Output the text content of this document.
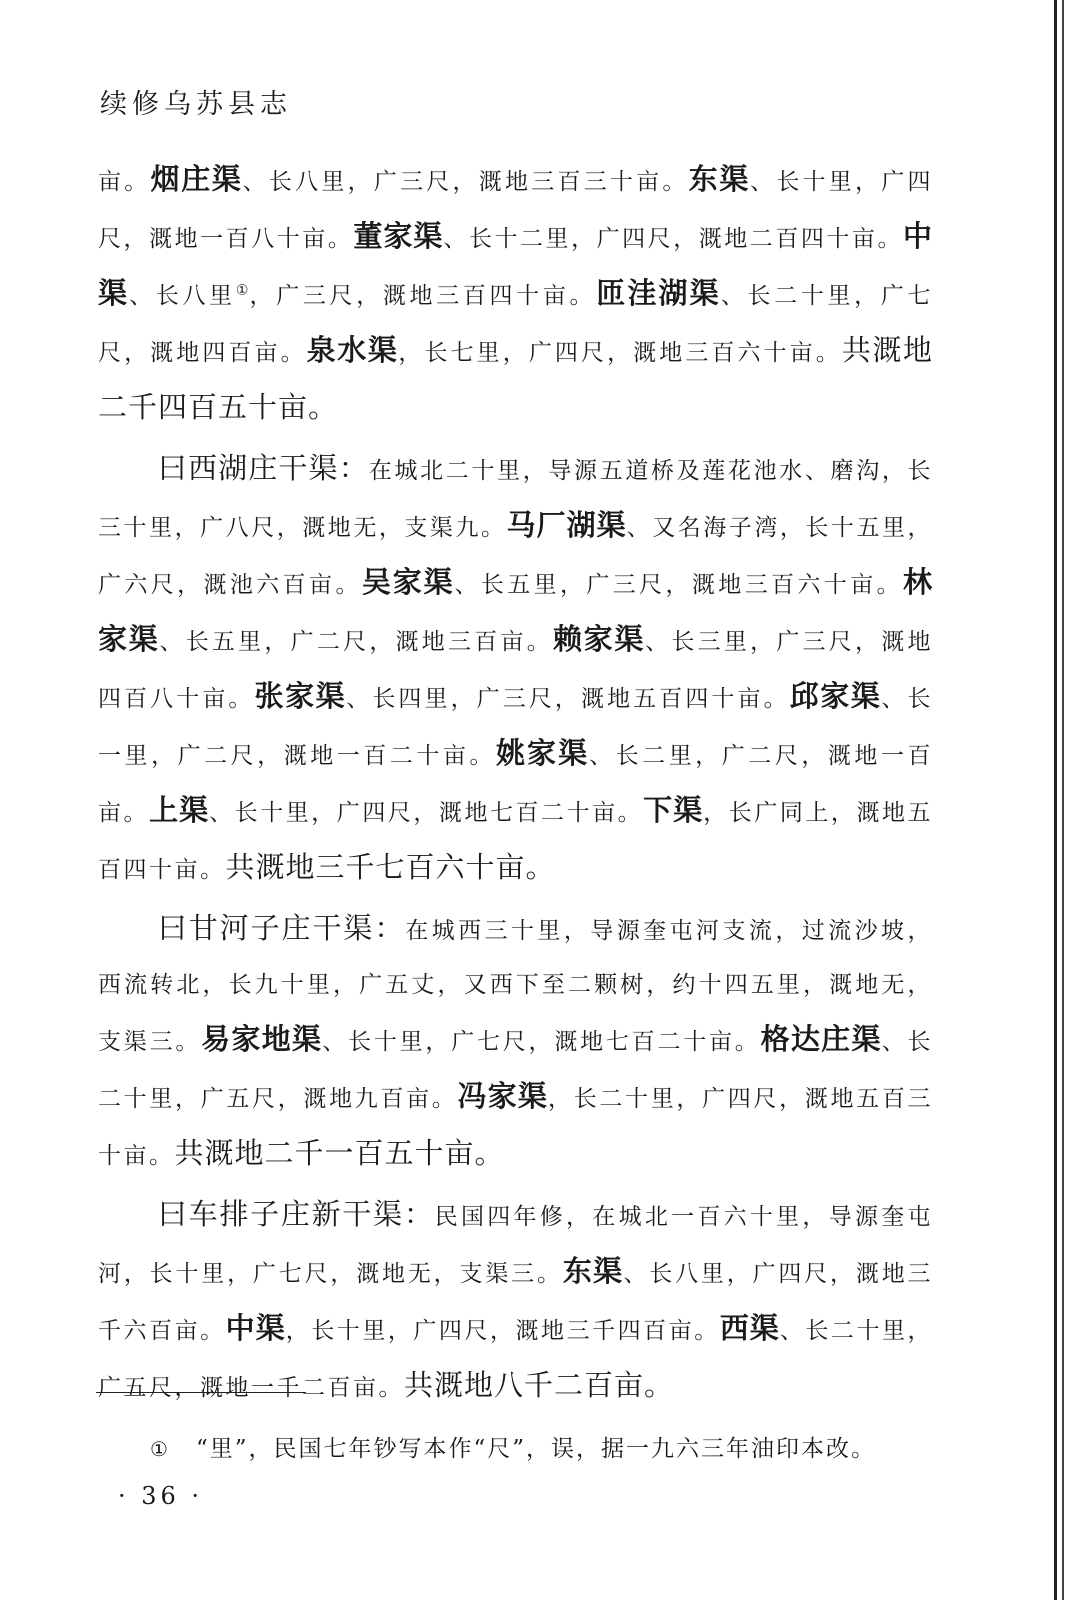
续修乌苏县志

亩。烟庄渠、长八里，广三尺，溉地三百三十亩。东渠、长十里，广四尺，溉地一百八十亩。董家渠、长十二里，广四尺，溉地二百四十亩。中渠、长八里①，广三尺，溉地三百四十亩。匝洼湖渠、长二十里，广七尺，溉地四百亩。泉水渠，长七里，广四尺，溉地三百六十亩。共溉地二千四百五十亩。

曰西湖庄干渠：在城北二十里，导源五道桥及莲花池水、磨沟，长三十里，广八尺，溉地无，支渠九。马厂湖渠、又名海子湾，长十五里，广六尺，溉池六百亩。吴家渠、长五里，广三尺，溉地三百六十亩。林家渠、长五里，广二尺，溉地三百亩。赖家渠、长三里，广三尺，溉地四百八十亩。张家渠、长四里，广三尺，溉地五百四十亩。邱家渠、长一里，广二尺，溉地一百二十亩。姚家渠、长二里，广二尺，溉地一百亩。上渠、长十里，广四尺，溉地七百二十亩。下渠，长广同上，溉地五百四十亩。共溉地三千七百六十亩。

曰甘河子庄干渠：在城西三十里，导源奎屯河支流，过流沙坡，西流转北，长九十里，广五丈，又西下至二颗树，约十四五里，溉地无，支渠三。易家地渠、长十里，广七尺，溉地七百二十亩。格达庄渠、长二十里，广五尺，溉地九百亩。冯家渠，长二十里，广四尺，溉地五百三十亩。共溉地二千一百五十亩。

曰车排子庄新干渠：民国四年修，在城北一百六十里，导源奎屯河，长十里，广七尺，溉地无，支渠三。东渠、长八里，广四尺，溉地三千六百亩。中渠，长十里，广四尺，溉地三千四百亩。西渠、长二十里，广五尺，溉地一千二百亩。共溉地八千二百亩。

① “里”，民国七年钞写本作“尺”，误，据一九六三年油印本改。
· 36 ·
